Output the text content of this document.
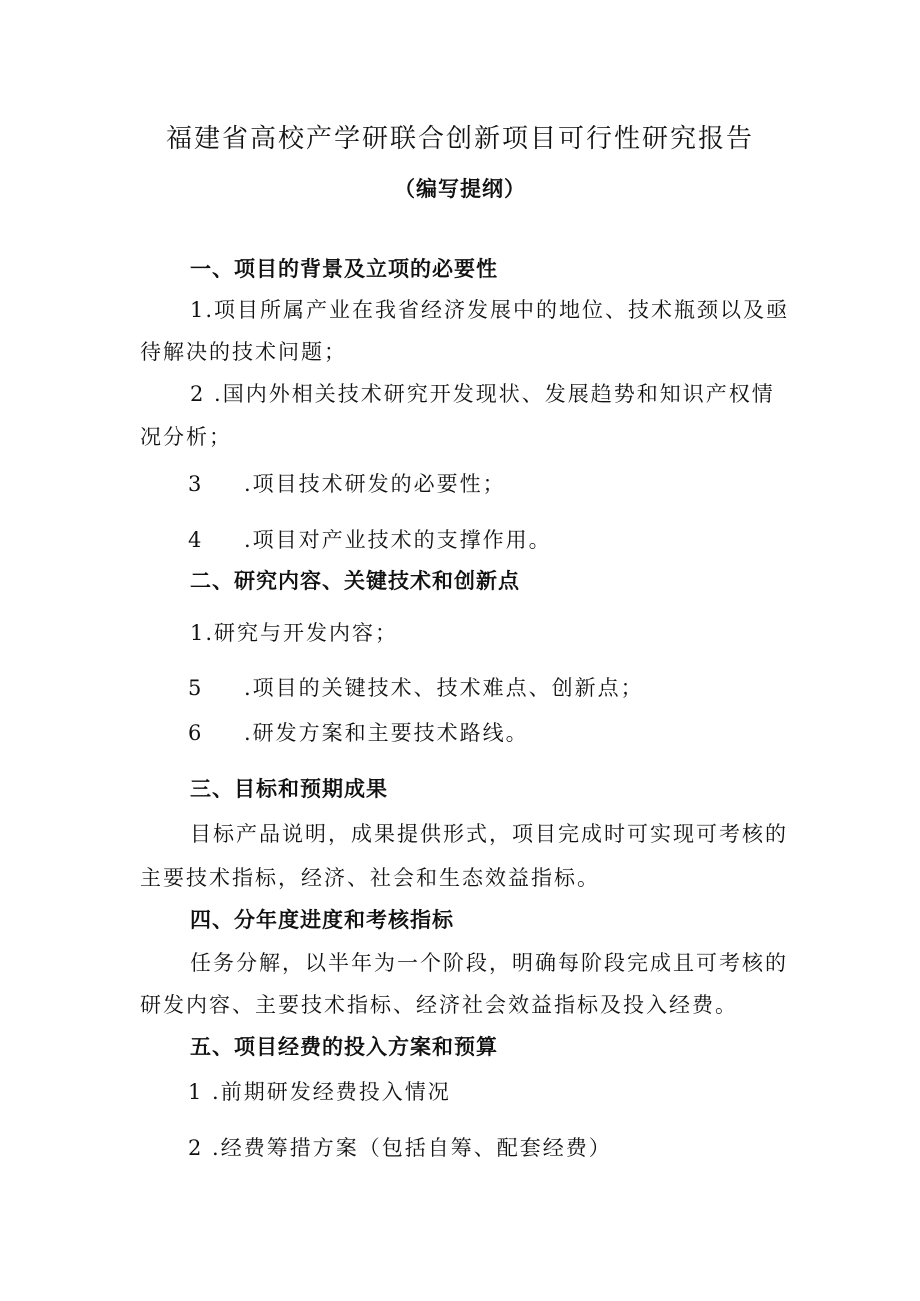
福建省高校产学研联合创新项目可行性研究报告
（编写提纲）
一、项目的背景及立项的必要性
1.项目所属产业在我省经济发展中的地位、技术瓶颈以及亟
待解决的技术问题；
2 .国内外相关技术研究开发现状、发展趋势和知识产权情
况分析；
3 .项目技术研发的必要性；
4 .项目对产业技术的支撑作用。
二、研究内容、关键技术和创新点
1.研究与开发内容；
5 .项目的关键技术、技术难点、创新点；
6 .研发方案和主要技术路线。
三、目标和预期成果
目标产品说明，成果提供形式，项目完成时可实现可考核的
主要技术指标，经济、社会和生态效益指标。
四、分年度进度和考核指标
任务分解，以半年为一个阶段，明确每阶段完成且可考核的
研发内容、主要技术指标、经济社会效益指标及投入经费。
五、项目经费的投入方案和预算
1 .前期研发经费投入情况
2 .经费筹措方案（包括自筹、配套经费）
